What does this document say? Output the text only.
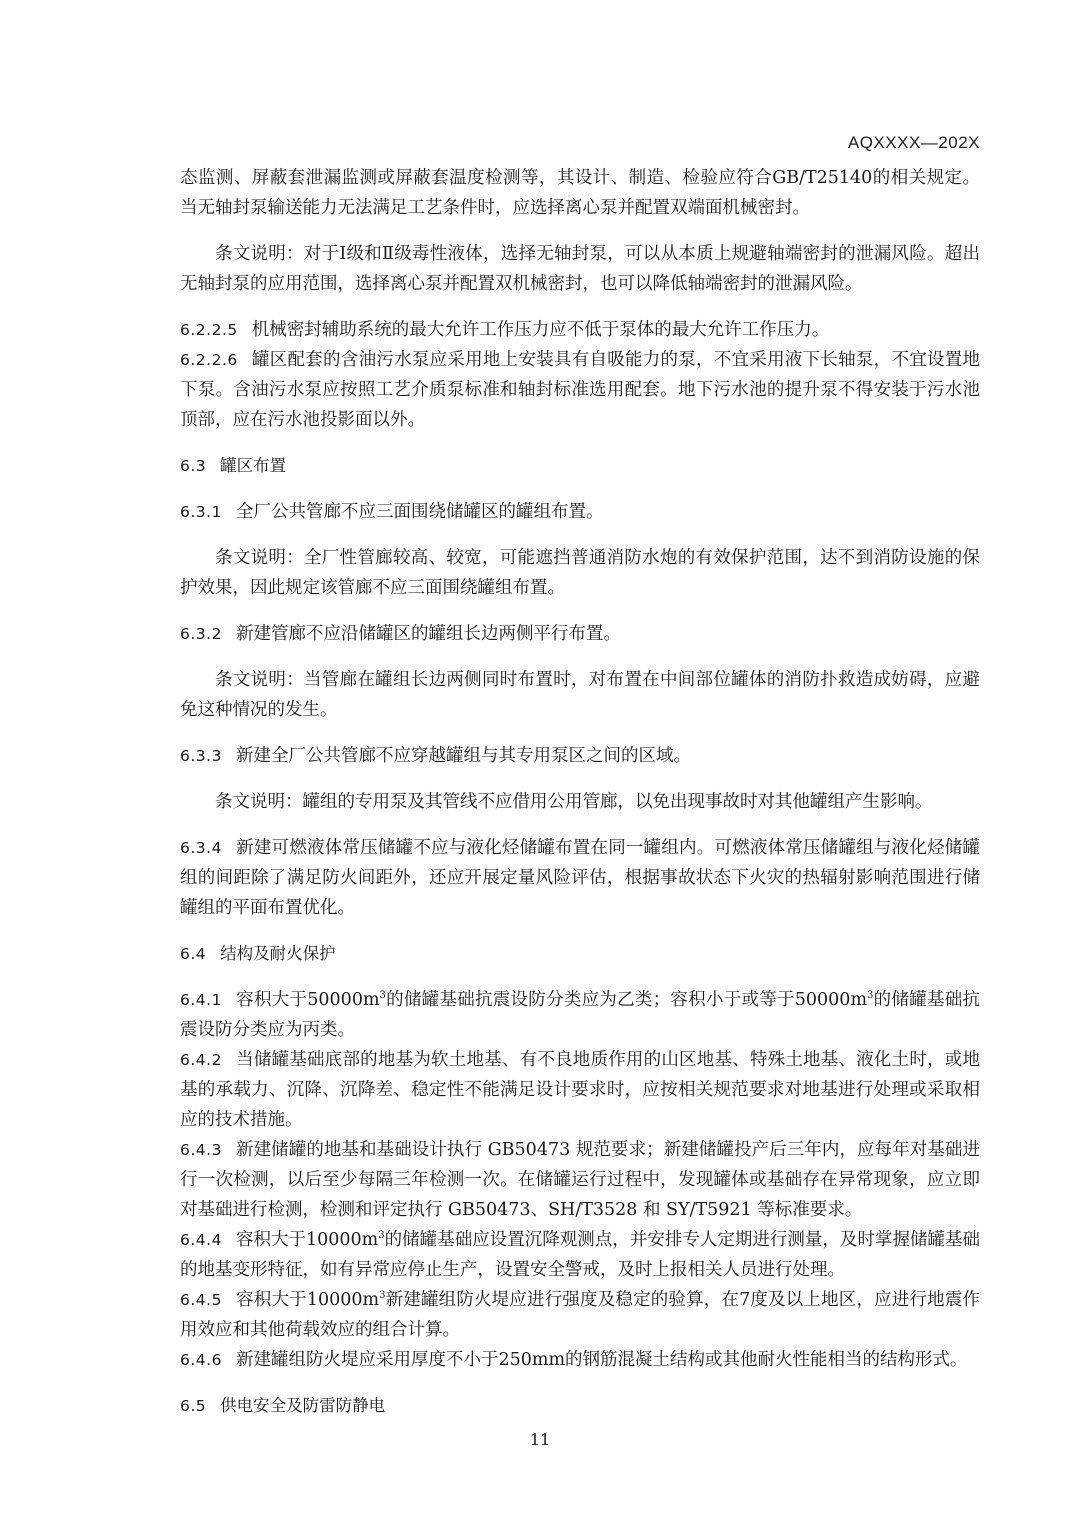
AQXXXX—202X

态监测、屏蔽套泄漏监测或屏蔽套温度检测等，其设计、制造、检验应符合GB/T25140的相关规定。当无轴封泵输送能力无法满足工艺条件时，应选择离心泵并配置双端面机械密封。

条文说明：对于Ⅰ级和Ⅱ级毒性液体，选择无轴封泵，可以从本质上规避轴端密封的泄漏风险。超出无轴封泵的应用范围，选择离心泵并配置双机械密封，也可以降低轴端密封的泄漏风险。

6.2.2.5 机械密封辅助系统的最大允许工作压力应不低于泵体的最大允许工作压力。

6.2.2.6 罐区配套的含油污水泵应采用地上安装具有自吸能力的泵，不宜采用液下长轴泵，不宜设置地下泵。含油污水泵应按照工艺介质泵标准和轴封标准选用配套。地下污水池的提升泵不得安装于污水池顶部，应在污水池投影面以外。

6.3 罐区布置

6.3.1 全厂公共管廊不应三面围绕储罐区的罐组布置。

条文说明：全厂性管廊较高、较宽，可能遮挡普通消防水炮的有效保护范围，达不到消防设施的保护效果，因此规定该管廊不应三面围绕罐组布置。

6.3.2 新建管廊不应沿储罐区的罐组长边两侧平行布置。

条文说明：当管廊在罐组长边两侧同时布置时，对布置在中间部位罐体的消防扑救造成妨碍，应避免这种情况的发生。

6.3.3 新建全厂公共管廊不应穿越罐组与其专用泵区之间的区域。

条文说明：罐组的专用泵及其管线不应借用公用管廊，以免出现事故时对其他罐组产生影响。

6.3.4 新建可燃液体常压储罐不应与液化烃储罐布置在同一罐组内。可燃液体常压储罐组与液化烃储罐组的间距除了满足防火间距外，还应开展定量风险评估，根据事故状态下火灾的热辐射影响范围进行储罐组的平面布置优化。

6.4 结构及耐火保护

6.4.1 容积大于$50000m^3$的储罐基础抗震设防分类应为乙类；容积小于或等于$50000m^3$的储罐基础抗震设防分类应为丙类。

6.4.2 当储罐基础底部的地基为软土地基、有不良地质作用的山区地基、特殊土地基、液化土时，或地基的承载力、沉降、沉降差、稳定性不能满足设计要求时，应按相关规范要求对地基进行处理或采取相应的技术措施。

6.4.3 新建储罐的地基和基础设计执行 GB50473 规范要求；新建储罐投产后三年内，应每年对基础进行一次检测，以后至少每隔三年检测一次。在储罐运行过程中，发现罐体或基础存在异常现象，应立即对基础进行检测，检测和评定执行 GB50473、SH/T3528 和 SY/T5921 等标准要求。

6.4.4 容积大于$10000m^3$的储罐基础应设置沉降观测点，并安排专人定期进行测量，及时掌握储罐基础的地基变形特征，如有异常应停止生产，设置安全警戒，及时上报相关人员进行处理。

6.4.5 容积大于$10000m^3$新建罐组防火堤应进行强度及稳定的验算，在7度及以上地区，应进行地震作用效应和其他荷载效应的组合计算。

6.4.6 新建罐组防火堤应采用厚度不小于250mm的钢筋混凝土结构或其他耐火性能相当的结构形式。

6.5 供电安全及防雷防静电

11
